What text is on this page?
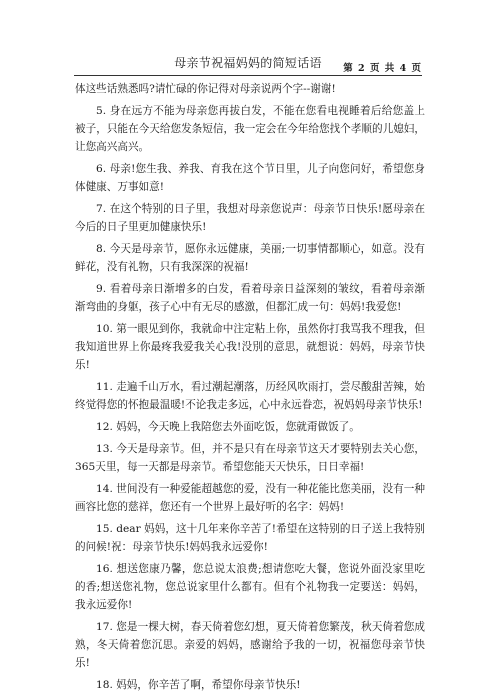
母亲节祝福妈妈的简短话语	第 2 页 共 4 页

体这些话熟悉吗?请忙碌的你记得对母亲说两个字--谢谢!

5. 身在远方不能为母亲您再拔白发，不能在您看电视睡着后给您盖上被子，只能在今天给您发条短信，我一定会在今年给您找个孝顺的儿媳妇，让您高兴高兴。

6. 母亲!您生我、养我、育我在这个节日里，儿子向您问好，希望您身体健康、万事如意!

7. 在这个特别的日子里，我想对母亲您说声：母亲节日快乐!愿母亲在今后的日子里更加健康快乐!

8. 今天是母亲节，愿你永远健康，美丽;一切事情都顺心，如意。没有鲜花，没有礼物，只有我深深的祝福!

9. 看着母亲日渐增多的白发，看着母亲日益深刻的皱纹，看着母亲渐渐弯曲的身躯，孩子心中有无尽的感激，但都汇成一句：妈妈!我爱您!

10. 第一眼见到你，我就命中注定粘上你，虽然你打我骂我不理我，但我知道世界上你最疼我爱我关心我!没別的意思，就想说：妈妈，母亲节快乐!

11. 走遍千山万水，看过潮起潮落，历经风吹雨打，尝尽酸甜苦辣，始终觉得您的怀抱最温暖!不论我走多远，心中永远眷恋，祝妈妈母亲节快乐!

12. 妈妈，今天晚上我陪您去外面吃饭，您就甭做饭了。

13. 今天是母亲节。但，并不是只有在母亲节这天才要特别去关心您，365天里，每一天都是母亲节。希望您能天天快乐，日日幸福!

14. 世间没有一种爱能超越您的爱，没有一种花能比您美丽，没有一种画容比您的慈祥，您还有一个世界上最好听的名字：妈妈!

15. dear 妈妈，这十几年来你辛苦了!希望在这特别的日子送上我特别的问候!祝：母亲节快乐!妈妈我永远爱你!

16. 想送您康乃馨，您总说太浪费;想请您吃大餐，您说外面没家里吃的香;想送您礼物，您总说家里什么都有。但有个礼物我一定要送：妈妈，我永远爱你!

17. 您是一棵大树，春天倚着您幻想，夏天倚着您繁茂，秋天倚着您成熟，冬天倚着您沉思。亲爱的妈妈，感谢给予我的一切，祝福您母亲节快乐!

18. 妈妈，你辛苦了啊，希望你母亲节快乐!
